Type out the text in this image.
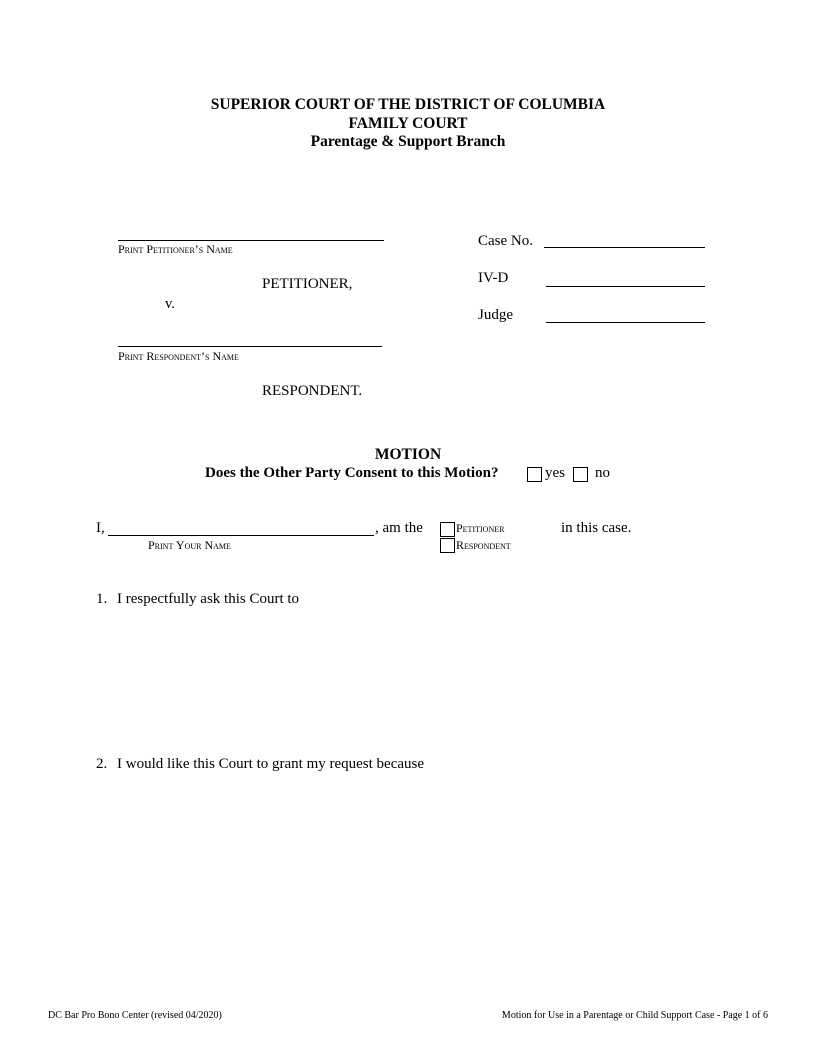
SUPERIOR COURT OF THE DISTRICT OF COLUMBIA
FAMILY COURT
Parentage & Support Branch
Print Petitioner’s Name
PETITIONER,
v.
Print Respondent’s Name
RESPONDENT.
Case No.
IV-D
Judge
MOTION
Does the Other Party Consent to this Motion?	yes no
I,	, am the
Print Your Name
Petitioner
Respondent
in this case.
1. I respectfully ask this Court to
2. I would like this Court to grant my request because
DC Bar Pro Bono Center (revised 04/2020)	Motion for Use in a Parentage or Child Support Case - Page 1 of 6
